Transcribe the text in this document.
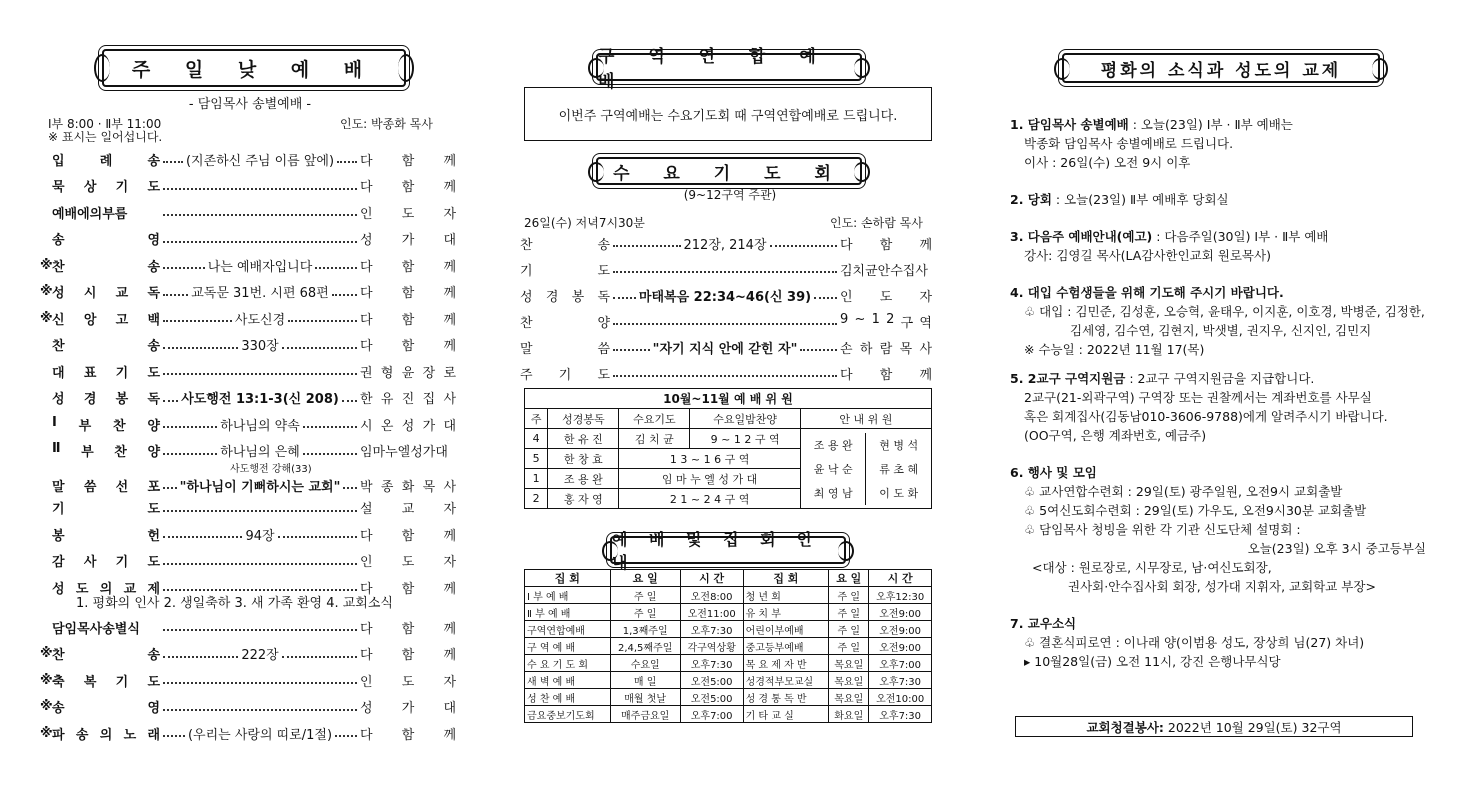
주 일 낮 예 배
- 담임목사 송별예배 -
Ⅰ부 8:00 · Ⅱ부 11:00	인도: 박종화 목사
※ 표시는 일어섭니다.
입	례	송 (지존하신 주님 이름 앞에) 다 함 께
묵 상 기 도	다 함 께
예배에의부름	인 도 자
송	영	성 가 대
※ 찬	송	나는 예배자입니다	다 함 께
※ 성 시 교 독 교독문 31번. 시편 68편 다 함 께
※ 신 앙 고 백	사도신경	다 함 께
찬	송	330장	다 함 께
대 표 기 도	권 형 윤 장 로
성 경 봉 독 사도행전 13:1-3(신 208) 한 유 진 집 사
Ⅰ 부 찬 양	하나님의 약속	시 온 성 가 대
Ⅱ 부 찬 양	하나님의 은혜	임마누엘성가대
말 씀 선 포 "하나님이 기뻐하시는 교회" 박 종 화 목 사
사도행전 강해(33)
기	도	설 교 자
봉	헌	94장	다 함 께
감 사 기 도	인 도 자
성 도 의 교 제	다 함 께
1. 평화의 인사 2. 생일축하 3. 새 가족 환영 4. 교회소식
담임목사송별식	다 함 께
※ 찬	송	222장	다 함 께
※ 축 복 기 도	인 도 자
※ 송	영	성 가 대
※ 파 송 의 노 래 (우리는 사랑의 띠로/1절) 다 함 께
구 역 연 합 예 배
이번주 구역예배는 수요기도회 때 구역연합예배로 드립니다.
수 요 기 도 회
(9~12구역 주관)
26일(수) 저녁7시30분	인도: 손하람 목사
찬	송	212장, 214장	다 함 께
기	도	김치균안수집사
성 경 봉 독 마태복음 22:34~46(신 39) 인 도 자
찬	양	9 ~ 1 2 구 역
말	씀	"자기 지식 안에 갇힌 자"	손 하 람 목 사
주 기 도	다 함 께
10월~11월 예 배 위 원
주	성경봉독	수요기도	수요일밤찬양	안 내 위 원
4	한 유 진	김 치 균	9 ~ 1 2 구 역		조 용 완	현 병 석
윤 낙 순	류 초 혜
최 영 남	이 도 화

5	한 창 효	1 3 ~ 1 6 구 역
1	조 용 완	임 마 누 엘 성 가 대
2	홍 자 영	2 1 ~ 2 4 구 역
예 배 및 집 회 안 내
집 회	요 일	시 간	집 회	요 일	시 간
Ⅰ 부 예 배	주 일	오전8:00	청 년 회	주 일	오후12:30
Ⅱ 부 예 배	주 일	오전11:00	유 치 부	주 일	오전9:00
구역연합예배	1,3째주일	오후7:30	어린이부예배	주 일	오전9:00
구 역 예 배	2,4,5째주일	각구역상황	중고등부예배	주 일	오전9:00
수 요 기 도 회	수요일	오후7:30	목 요 제 자 반	목요일	오후7:00
새 벽 예 배	매 일	오전5:00	성경적부모교실	목요일	오후7:30
성 찬 예 배	매월 첫날	오전5:00	성 경 통 독 반	목요일	오전10:00
금요중보기도회	매주금요일	오후7:00	기 타 교 실	화요일	오후7:30
평화의 소식과 성도의 교제
1. 담임목사 송별예배 : 오늘(23일) Ⅰ부 · Ⅱ부 예배는
박종화 담임목사 송별예배로 드립니다.
이사 : 26일(수) 오전 9시 이후
2. 당회 : 오늘(23일) Ⅱ부 예배후 당회실
3. 다음주 예배안내(예고) : 다음주일(30일) Ⅰ부 · Ⅱ부 예배
강사: 김영길 목사(LA감사한인교회 원로목사)
4. 대입 수험생들을 위해 기도해 주시기 바랍니다.
♧ 대입 : 김민준, 김성훈, 오승혁, 윤태우, 이지훈, 이호경, 박병준, 김정한,
김세영, 김수연, 김현지, 박샛별, 권지우, 신지인, 김민지
※ 수능일 : 2022년 11월 17(목)
5. 2교구 구역지원금 : 2교구 구역지원금을 지급합니다.
2교구(21-외곽구역) 구역장 또는 권찰께서는 계좌번호를 사무실
혹은 회계집사(김동남010-3606-9788)에게 알려주시기 바랍니다.
(OO구역, 은행 계좌번호, 예금주)
6. 행사 및 모임
♧ 교사연합수련회 : 29일(토) 광주일원, 오전9시 교회출발
♧ 5여신도회수련회 : 29일(토) 가우도, 오전9시30분 교회출발
♧ 담임목사 청빙을 위한 각 기관 신도단체 설명회 :
오늘(23일) 오후 3시 중고등부실
<대상 : 원로장로, 시무장로, 남·여신도회장,
권사회·안수집사회 회장, 성가대 지휘자, 교회학교 부장>
7. 교우소식
♧ 결혼식피로연 : 이나래 양(이범용 성도, 장상희 님(27) 차녀)
▸ 10월28일(금) 오전 11시, 강진 은행나무식당
교회청결봉사:
2022년 10월 29일(토) 32구역
